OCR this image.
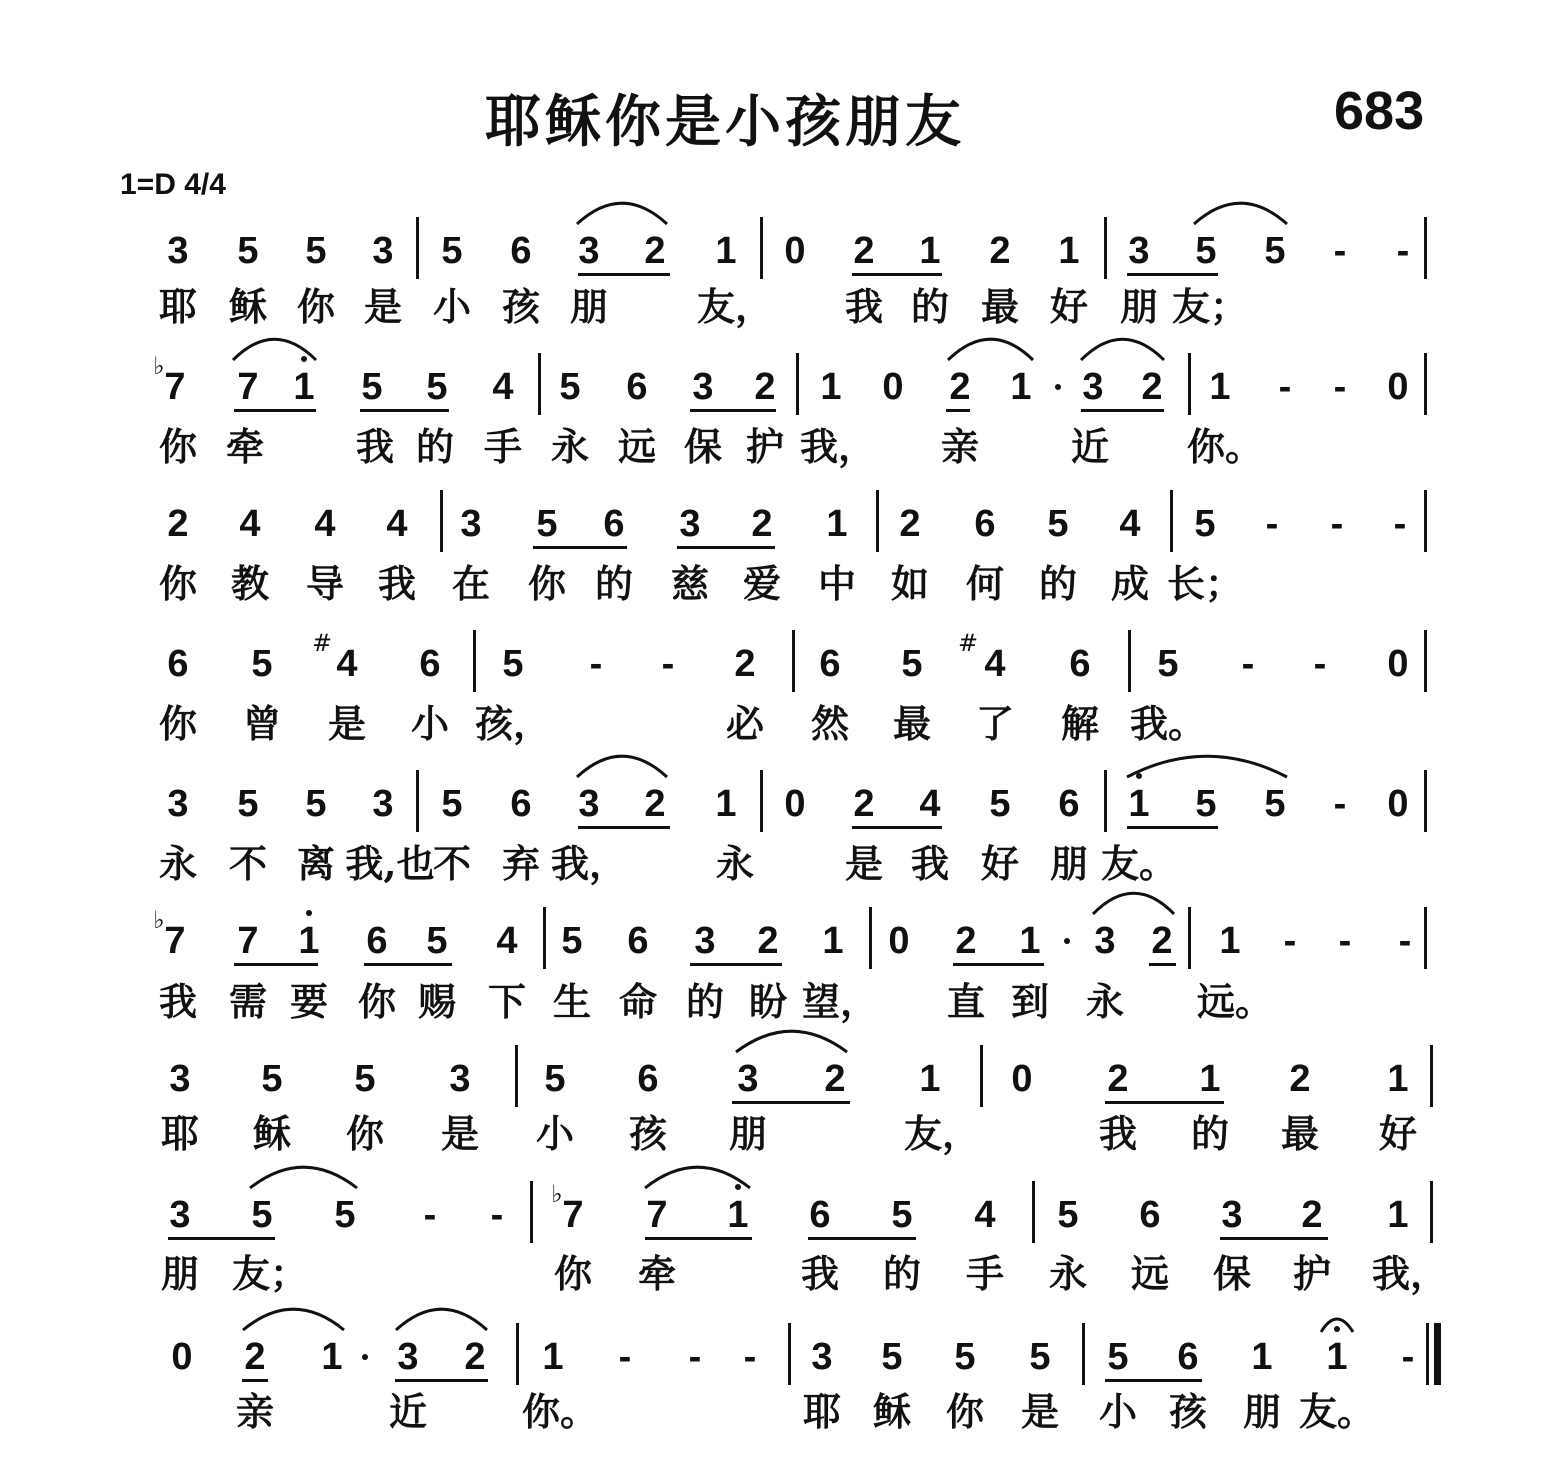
耶稣你是小孩朋友	683
1=D 4/4
3 5 5 3 5 6 3 2 1 0 2 1 2 1 3 5 5 - -
耶 稣 你 是 小 孩 朋 友， 我 的 最 好 朋 友；
7 7 1 5 5 4 5 6 3 2 1 0 2 1 3 2 1 - - 0
你 牵 我 的 手 永 远 保 护 我， 亲 近 你。
♭
2 4 4 4 3 5 6 3 2 1 2 6 5 4 5 - - -
你 教 导 我 在 你 的 慈 爱 中 如 何 的 成 长；
6 5 4 6 5 - - 2 6 5 4 6 5 - - 0
你 曾 是 小 孩，	必 然 最 了 解 我。
#	#
3 5 5 3 5 6 3 2 1 0 2 4 5 6 1 5 5 - 0
永 不 离 我,也
不 弃 我， 永 是 我 好 朋 友。
7 7 1 6 5 4 5 6 3 2 1 0 2 1 3 2 1 - - -
我 需 要 你 赐 下 生 命 的 盼 望， 直 到 永 远。
♭
3 5 5 3 5 6 3 2 1 0 2 1 2 1
耶 稣 你 是 小 孩 朋	友，	我 的 最 好
3 5 5 - - 7 7 1 6 5 4 5 6 3 2 1
朋 友；	你 牵	我 的 手 永 远 保 护 我，
♭
0 2 1 3 2 1 - - - 3 5 5 5 5 6 1 1 -
亲	近 你。	耶 稣 你 是 小 孩 朋 友。
